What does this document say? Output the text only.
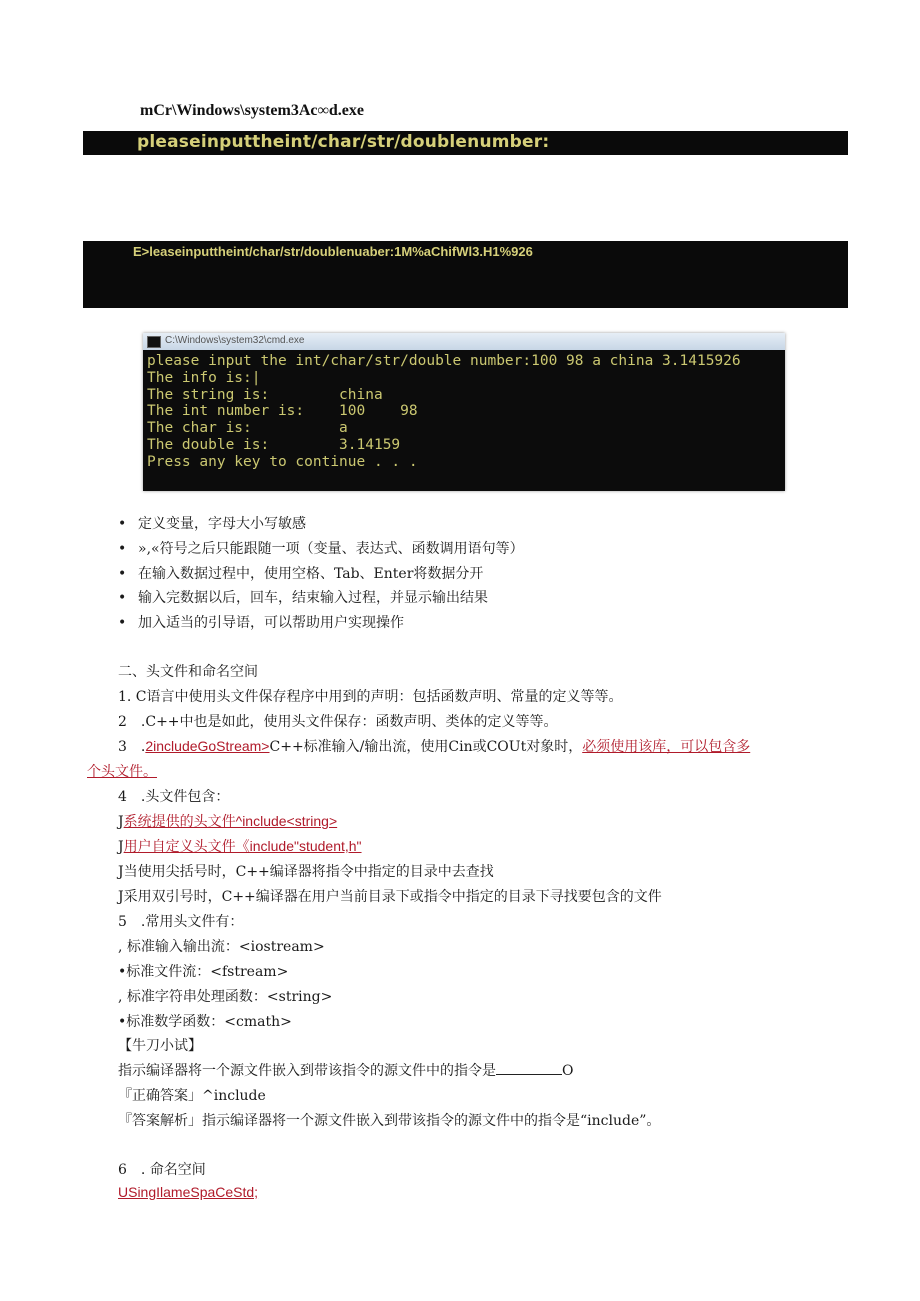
mCr\Windows\system3Ac∞d.exe
pleaseinputtheint/char/str/doublenumber:
E>leaseinputtheint/char/str/doublenuaber:1M%aChifWl3.H1%926
C:\Windows\system32\cmd.exe
please input the int/char/str/double number:100 98 a china 3.1415926
The info is:|
The string is:        china
The int number is:    100    98
The char is:          a
The double is:        3.14159
Press any key to continue . . .
• 定义变量，字母大小写敏感
• »,«符号之后只能跟随一项（变量、表达式、函数调用语句等）
• 在输入数据过程中，使用空格、Tab、Enter将数据分开
• 输入完数据以后，回车，结束输入过程，并显示输出结果
• 加入适当的引导语，可以帮助用户实现操作
二、头文件和命名空间
1. C语言中使用头文件保存程序中用到的声明：包括函数声明、常量的定义等等。
2　.C++中也是如此，使用头文件保存：函数声明、类体的定义等等。
3　.2includeGoStream>C++标准输入/输出流，使用Cin或COUt对象时，必须使用该库，可以包含多
个头文件。
4　.头文件包含：
J系统提供的头文件^include<string>
J用户自定义头文件《include"student,h"
J当使用尖括号时，C++编译器将指令中指定的目录中去查找
J采用双引号时，C++编译器在用户当前目录下或指令中指定的目录下寻找要包含的文件
5　.常用头文件有：
, 标准输入输出流：<iostream>
•标准文件流：<fstream>
, 标准字符串处理函数：<string>
•标准数学函数：<cmath>
【牛刀小试】
指示编译器将一个源文件嵌入到带该指令的源文件中的指令是	O
『正确答案」^include
『答案解析」指示编译器将一个源文件嵌入到带该指令的源文件中的指令是“include”。
6　. 命名空间
USingIlameSpaCeStd;
